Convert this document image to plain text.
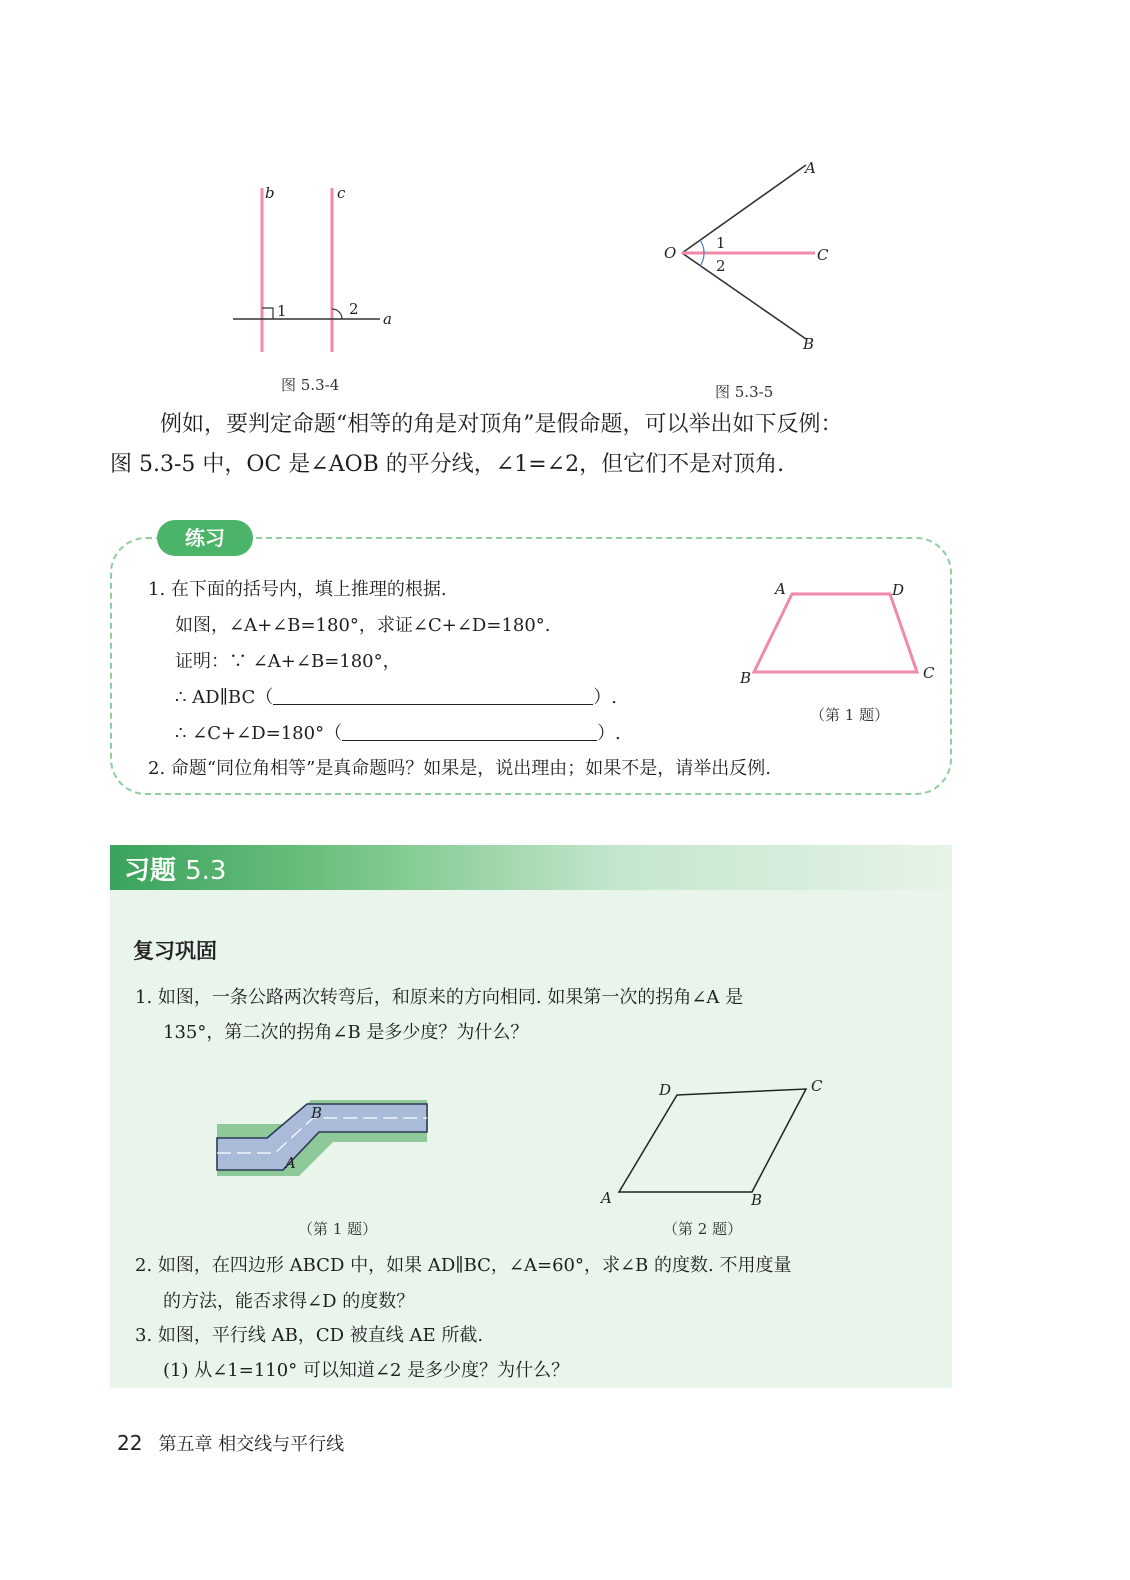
b	c
1	2
a
图 5.3-4
A
O
1
2
C
B
图 5.3-5
例如，要判定命题“相等的角是对顶角”是假命题，可以举出如下反例：
图 5.3-5 中，OC 是∠AOB 的平分线，∠1=∠2，但它们不是对顶角.
练习
1. 在下面的括号内，填上推理的根据.
如图，∠A+∠B=180°，求证∠C+∠D=180°.
证明：∵ ∠A+∠B=180°，
∴ AD∥BC（	）.
∴ ∠C+∠D=180°（	）.
2. 命题“同位角相等”是真命题吗？如果是，说出理由；如果不是，请举出反例.
A	D
B	C
（第 1 题）
习题 5.3
复习巩固
1. 如图，一条公路两次转弯后，和原来的方向相同. 如果第一次的拐角∠A 是
135°，第二次的拐角∠B 是多少度？为什么？
B
A
（第 1 题）
D	C
A	B
（第 2 题）
2. 如图，在四边形 ABCD 中，如果 AD∥BC，∠A=60°，求∠B 的度数. 不用度量
的方法，能否求得∠D 的度数？
3. 如图，平行线 AB，CD 被直线 AE 所截.
(1) 从∠1=110° 可以知道∠2 是多少度？为什么？
22 第五章 相交线与平行线
